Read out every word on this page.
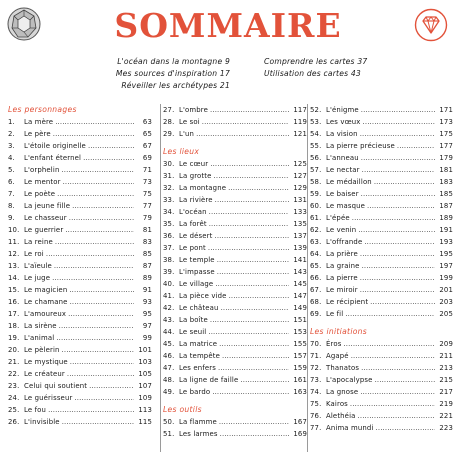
SOMMAIRE
L'océan dans la montagne 9
Mes sources d'inspiration 17
Réveiller les archétypes 21
Comprendre les cartes 37
Utilisation des cartes 43
Les personnages
1.	La mère .....	63
2.	Le père .....	65
3.	L'étoile originelle .....	67
4.	L'enfant éternel .....	69
5.	L'orphelin .....	71
6.	Le mentor .....	73
7.	Le poète .....	75
8.	La jeune fille .....	77
9.	Le chasseur .....	79
10. Le guerrier .....	81
11. La reine .....	83
12. Le roi .....	85
13. L'aïeule .....	87
14. Le juge .....	89
15. Le magicien .....	91
16. Le chamane .....	93
17. L'amoureux .....	95
18. La sirène .....	97
19. L'animal .....	99
20. Le pèlerin .....	101
21. Le mystique .....	103
22. Le créateur .....	105
23. Celui qui soutient .....	107
24. Le guérisseur .....	109
25. Le fou .....	113
26. L'invisible .....	115
27. L'ombre .....	117
28. Le soi .....	119
29. L'un .....	121
Les lieux
30. Le cœur .....	125
31. La grotte .....	127
32. La montagne .....	129
33. La rivière .....	131
34. L'océan .....	133
35. La forêt .....	135
36. Le désert .....	137
37. Le pont .....	139
38. Le temple .....	141
39. L'impasse .....	143
40. Le village .....	145
41. La pièce vide .....	147
42. Le château .....	149
43. La boîte .....	151
44. Le seuil .....	153
45. La matrice .....	155
46. La tempête .....	157
47. Les enfers .....	159
48. La ligne de faille .....	161
49. Le bardo .....	163
Les outils
50. La flamme .....	167
51. Les larmes .....	169
52. L'énigme .....	171
53. Les vœux .....	173
54. La vision .....	175
55. La pierre précieuse .....	177
56. L'anneau .....	179
57. Le nectar .....	181
58. Le médaillon .....	183
59. Le baiser .....	185
60. Le masque .....	187
61. L'épée .....	189
62. Le venin .....	191
63. L'offrande .....	193
64. La prière .....	195
65. La graine .....	197
66. La pierre .....	199
67. Le miroir .....	201
68. Le récipient .....	203
69. Le fil .....	205
Les initiations
70. Éros .....	209
71. Agapé .....	211
72. Thanatos .....	213
73. L'apocalypse .....	215
74. La gnose .....	217
75. Kairos .....	219
76. Alethéia .....	221
77. Anima mundi .....	223
